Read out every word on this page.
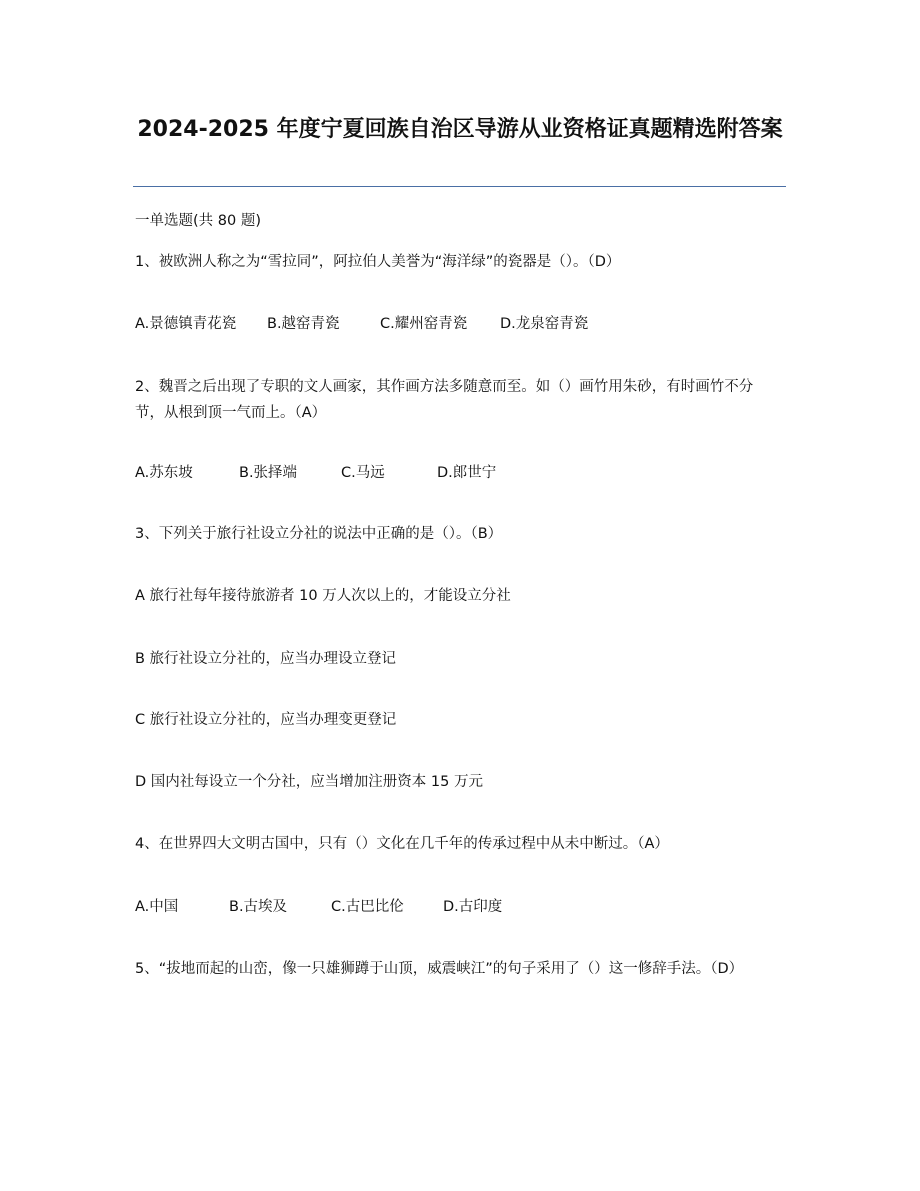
2024-2025 年度宁夏回族自治区导游从业资格证真题精选附答案
一单选题(共 80 题)
1、被欧洲人称之为“雪拉同”，阿拉伯人美誉为“海洋绿”的瓷器是（）。（D）
A.景德镇青花瓷 B.越窑青瓷	C.耀州窑青瓷 D.龙泉窑青瓷
2、魏晋之后出现了专职的文人画家，其作画方法多随意而至。如（）画竹用朱砂，有时画竹不分节，从根到顶一气而上。（A）
A.苏东坡	B.张择端	C.马远	D.郎世宁
3、下列关于旅行社设立分社的说法中正确的是（）。（B）
A 旅行社每年接待旅游者 10 万人次以上的，才能设立分社
B 旅行社设立分社的，应当办理设立登记
C 旅行社设立分社的，应当办理变更登记
D 国内社每设立一个分社，应当增加注册资本 15 万元
4、在世界四大文明古国中，只有（）文化在几千年的传承过程中从未中断过。（A）
A.中国	B.古埃及	C.古巴比伦	D.古印度
5、“拔地而起的山峦，像一只雄狮蹲于山顶，威震峡江”的句子采用了（）这一修辞手法。（D）
